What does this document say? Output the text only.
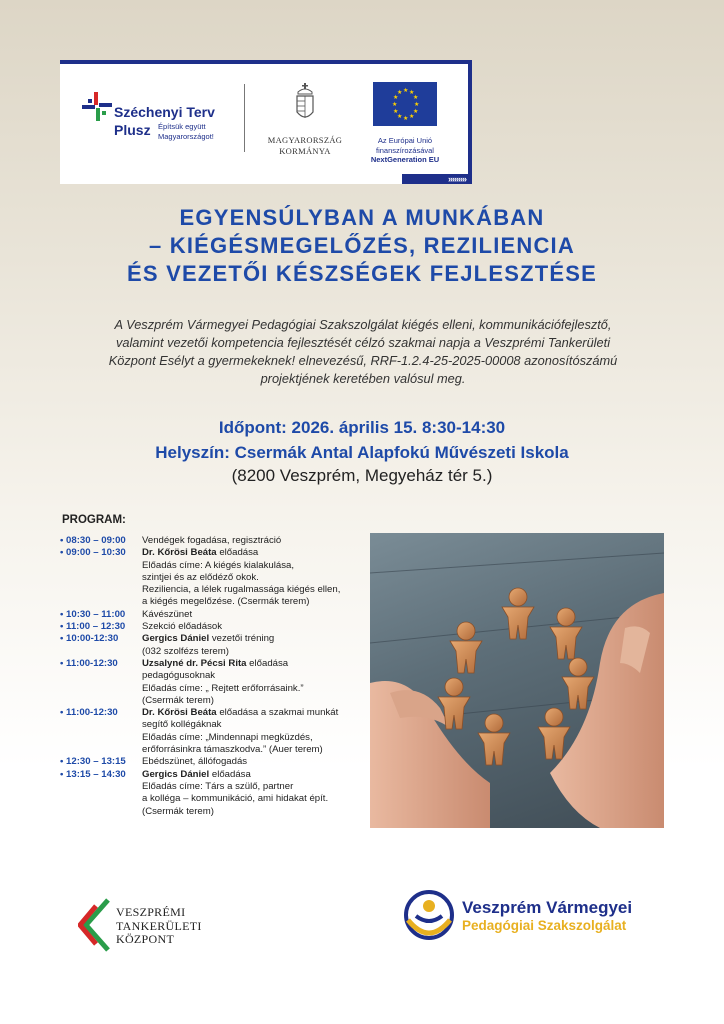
Széchenyi Terv
Plusz Építsük együtt
Magyarországot!	MAGYARORSZÁG
KORMÁNYA
★ ★
★
★
★
★
★
★
★
★
★
★
Az Európai Unió
finanszírozásával
NextGeneration EU
›››››››››
EGYENSÚLYBAN A MUNKÁBAN
– KIÉGÉSMEGELŐZÉS, REZILIENCIA
ÉS VEZETŐI KÉSZSÉGEK FEJLESZTÉSE
A Veszprém Vármegyei Pedagógiai Szakszolgálat kiégés elleni, kommunikációfejlesztő,
valamint vezetői kompetencia fejlesztését célzó szakmai napja a Veszprémi Tankerületi
Központ Esélyt a gyermekeknek! elnevezésű, RRF-1.2.4-25-2025-00008 azonosítószámú
projektjének keretében valósul meg.
Időpont: 2026. április 15. 8:30-14:30
Helyszín: Csermák Antal Alapfokú Művészeti Iskola
(8200 Veszprém, Megyeház tér 5.)
PROGRAM:
• 08:30 – 09:00	Vendégek fogadása, regisztráció
• 09:00 – 10:30	Dr. Kőrösi Beáta előadása
Előadás címe: A kiégés kialakulása,
szintjei és az elődéző okok.
Reziliencia, a lélek rugalmassága kiégés ellen,
a kiégés megelőzése. (Csermák terem)
• 10:30 – 11:00	Kávészünet
• 11:00 – 12:30	Szekció előadások
• 10:00-12:30	Gergics Dániel vezetői tréning
(032 szolfézs terem)
• 11:00-12:30	Uzsalyné dr. Pécsi Rita előadása
pedagógusoknak
Előadás címe: „ Rejtett erőforrásaink.”
(Csermák terem)
• 11:00-12:30	Dr. Kőrösi Beáta előadása a szakmai munkát
segítő kollégáknak
Előadás címe: „Mindennapi megküzdés,
erőforrásinkra támaszkodva.” (Auer terem)
• 12:30 – 13:15	Ebédszünet, állófogadás
• 13:15 – 14:30	Gergics Dániel előadása
Előadás címe: Társ a szülő, partner
a kolléga – kommunikáció, ami hidakat épít.
(Csermák terem)
VESZPRÉMI
TANKERÜLETI
KÖZPONT
Veszprém Vármegyei
Pedagógiai Szakszolgálat
